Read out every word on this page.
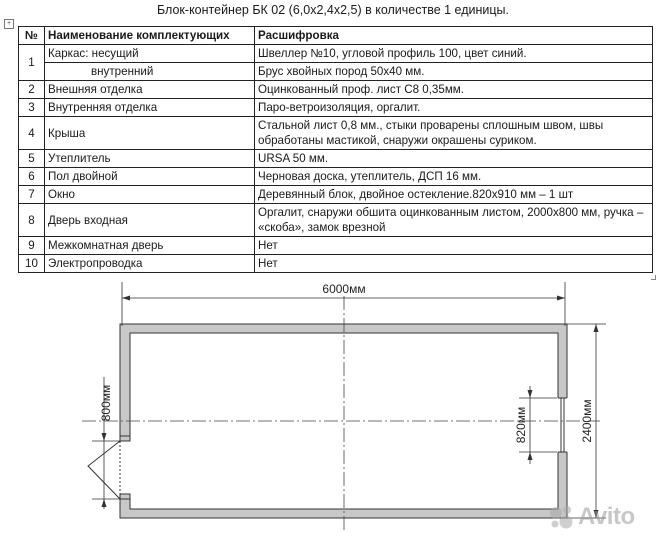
Блок-контейнер БК 02 (6,0х2,4х2,5) в количестве 1 единицы.
+
№	Наименование комплектующих	Расшифровка
1	Каркас: несущий	Швеллер №10, угловой профиль 100, цвет синий.
	внутренний	Брус хвойных пород 50х40 мм.
2	Внешняя отделка	Оцинкованный проф. лист С8 0,35мм.
3	Внутренняя отделка	Паро-ветроизоляция, оргалит.
4	Крыша	Стальной лист 0,8 мм., стыки проварены сплошным швом, швы обработаны мастикой, снаружи окрашены суриком.
5	Утеплитель	URSA 50 мм.
6	Пол двойной	Черновая доска, утеплитель, ДСП 16 мм.
7	Окно	Деревянный блок, двойное остекление.820х910 мм – 1 шт
8	Дверь входная	Оргалит, снаружи обшита оцинкованным листом, 2000х800 мм, ручка – «скоба», замок врезной
9	Межкомнатная дверь	Нет
10	Электропроводка	Нет
6000мм
2400мм
820мм
800мм
Avito
